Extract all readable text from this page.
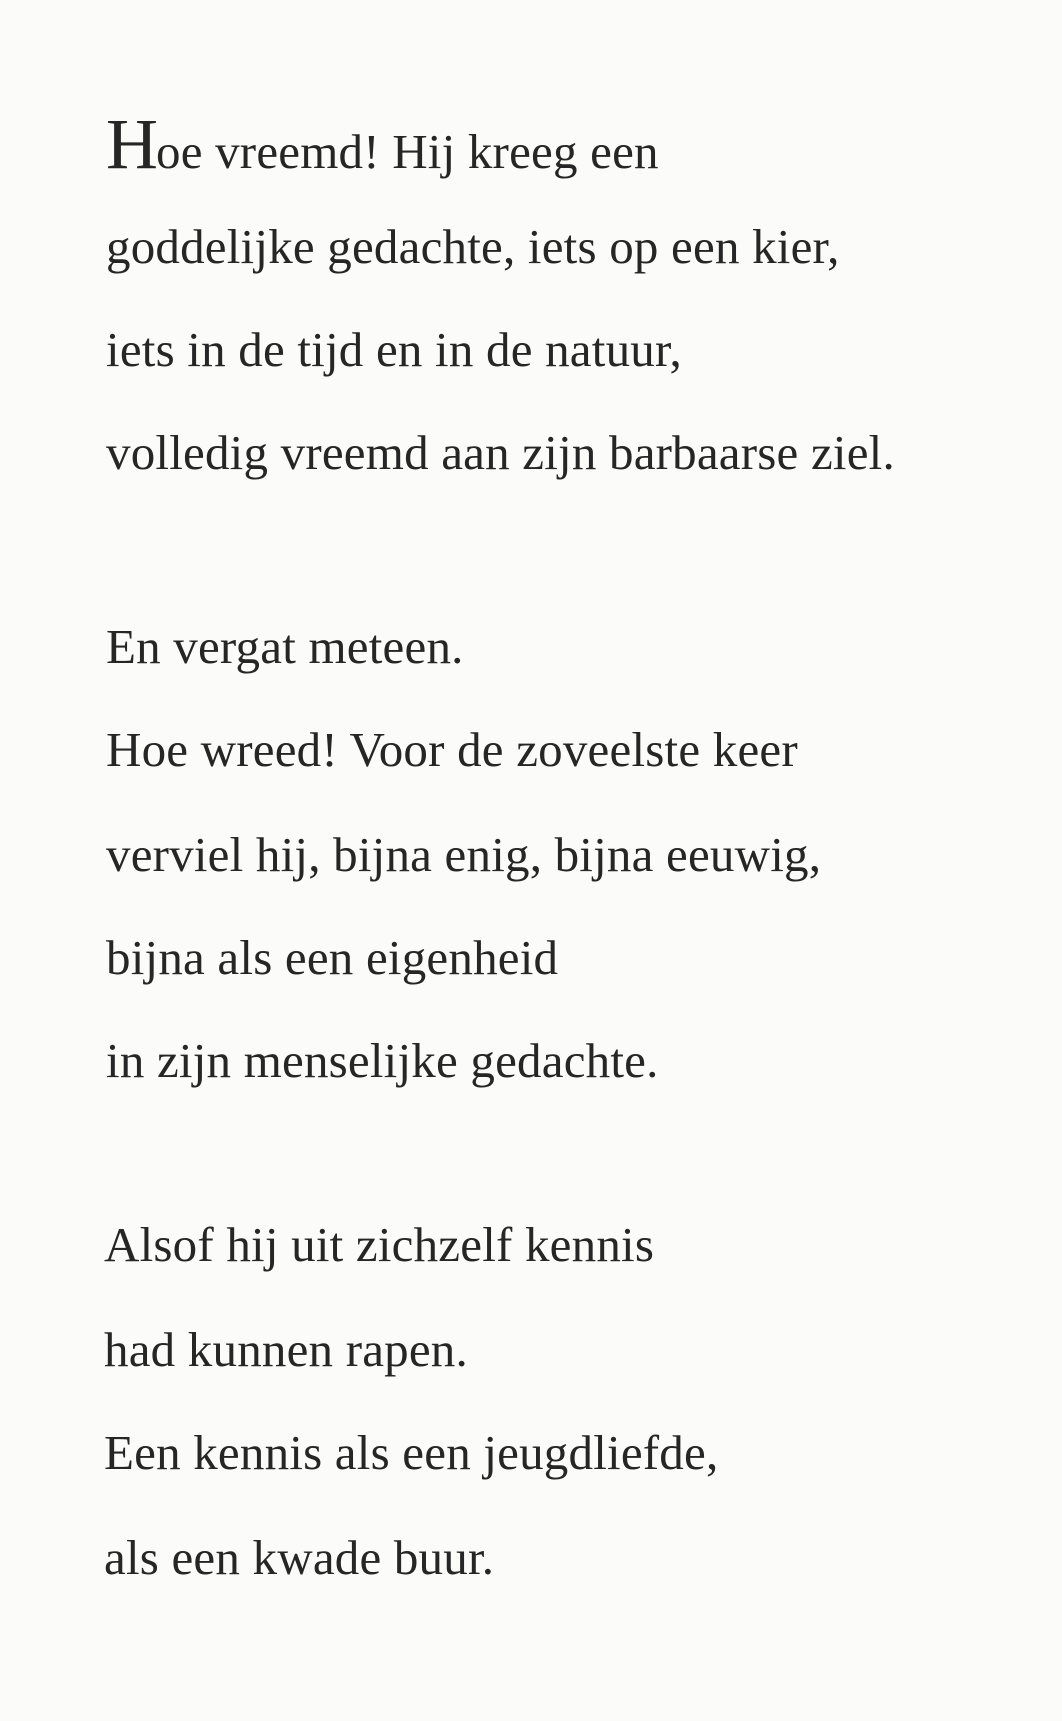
Hoe vreemd! Hij kreeg een
goddelijke gedachte, iets op een kier,
iets in de tijd en in de natuur,
volledig vreemd aan zijn barbaarse ziel.
En vergat meteen.
Hoe wreed! Voor de zoveelste keer
verviel hij, bijna enig, bijna eeuwig,
bijna als een eigenheid
in zijn menselijke gedachte.
Alsof hij uit zichzelf kennis
had kunnen rapen.
Een kennis als een jeugdliefde,
als een kwade buur.
